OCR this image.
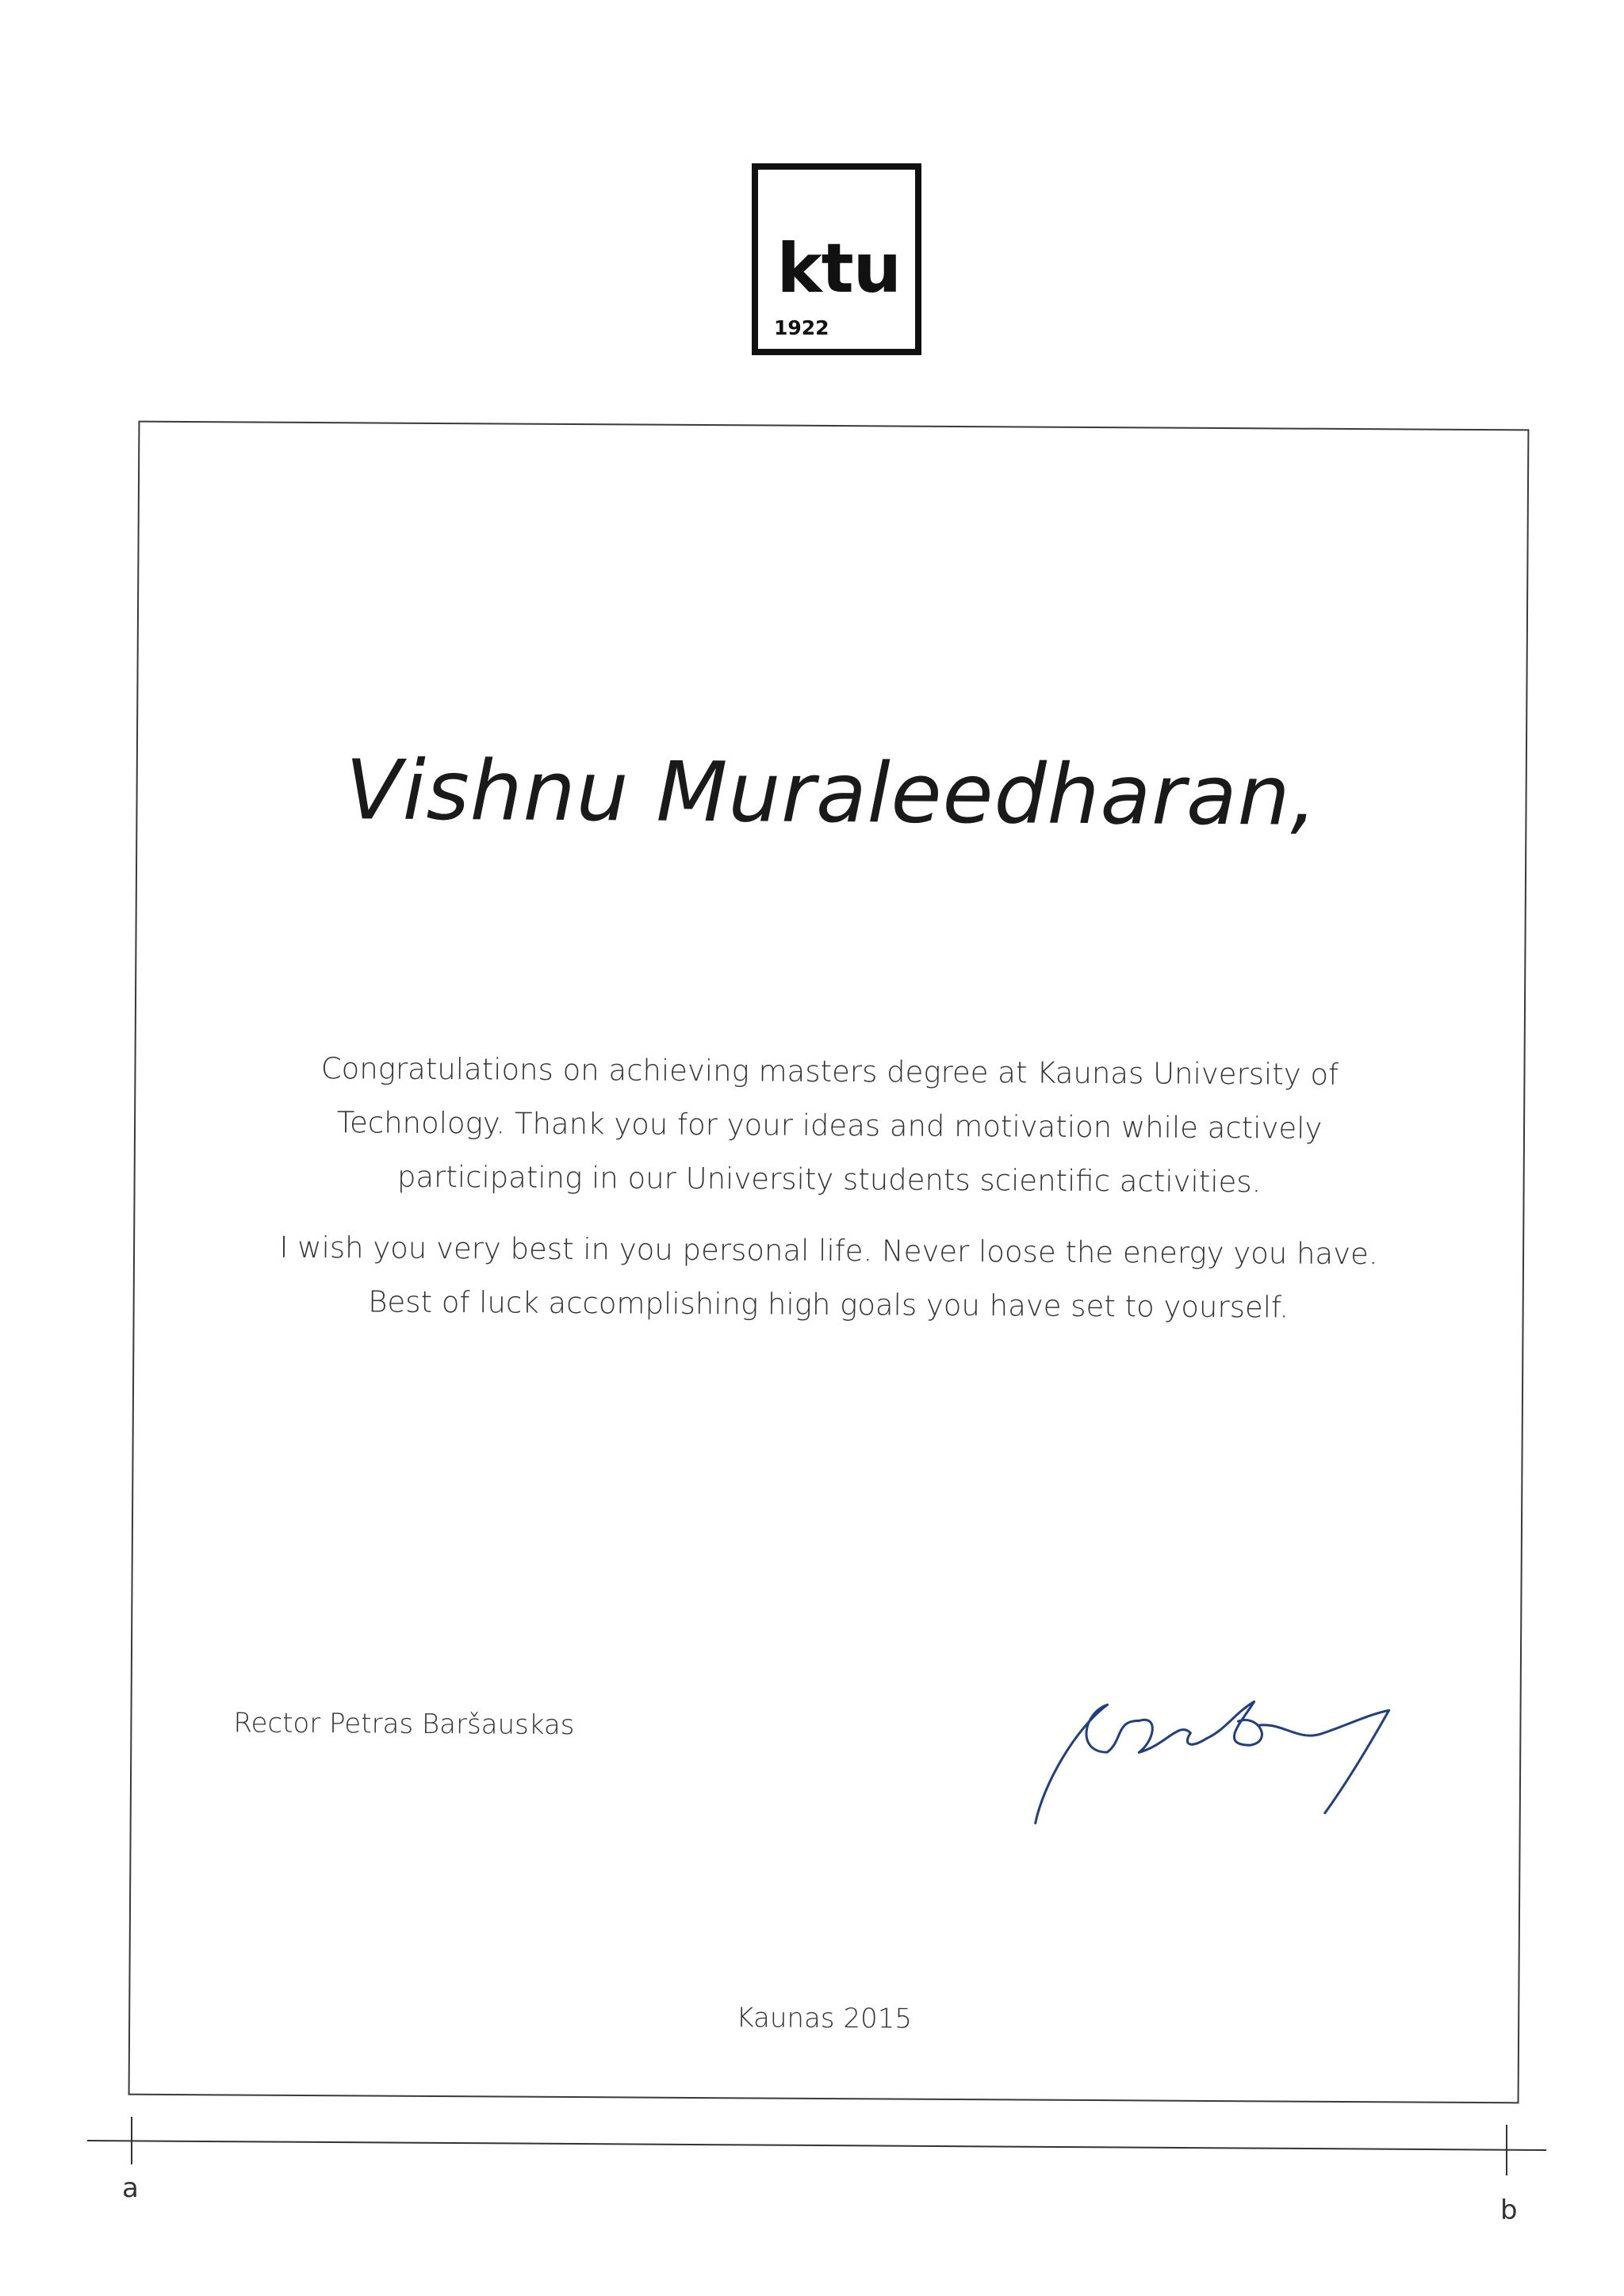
ktu
1922
Vishnu Muraleedharan,

Congratulations on achieving masters degree at Kaunas University of Technology. Thank you for your ideas and motivation while actively participating in our University students scientific activities.

I wish you very best in you personal life. Never loose the energy you have. Best of luck accomplishing high goals you have set to yourself.

Rector Petras Baršauskas
Kaunas 2015
a
b
